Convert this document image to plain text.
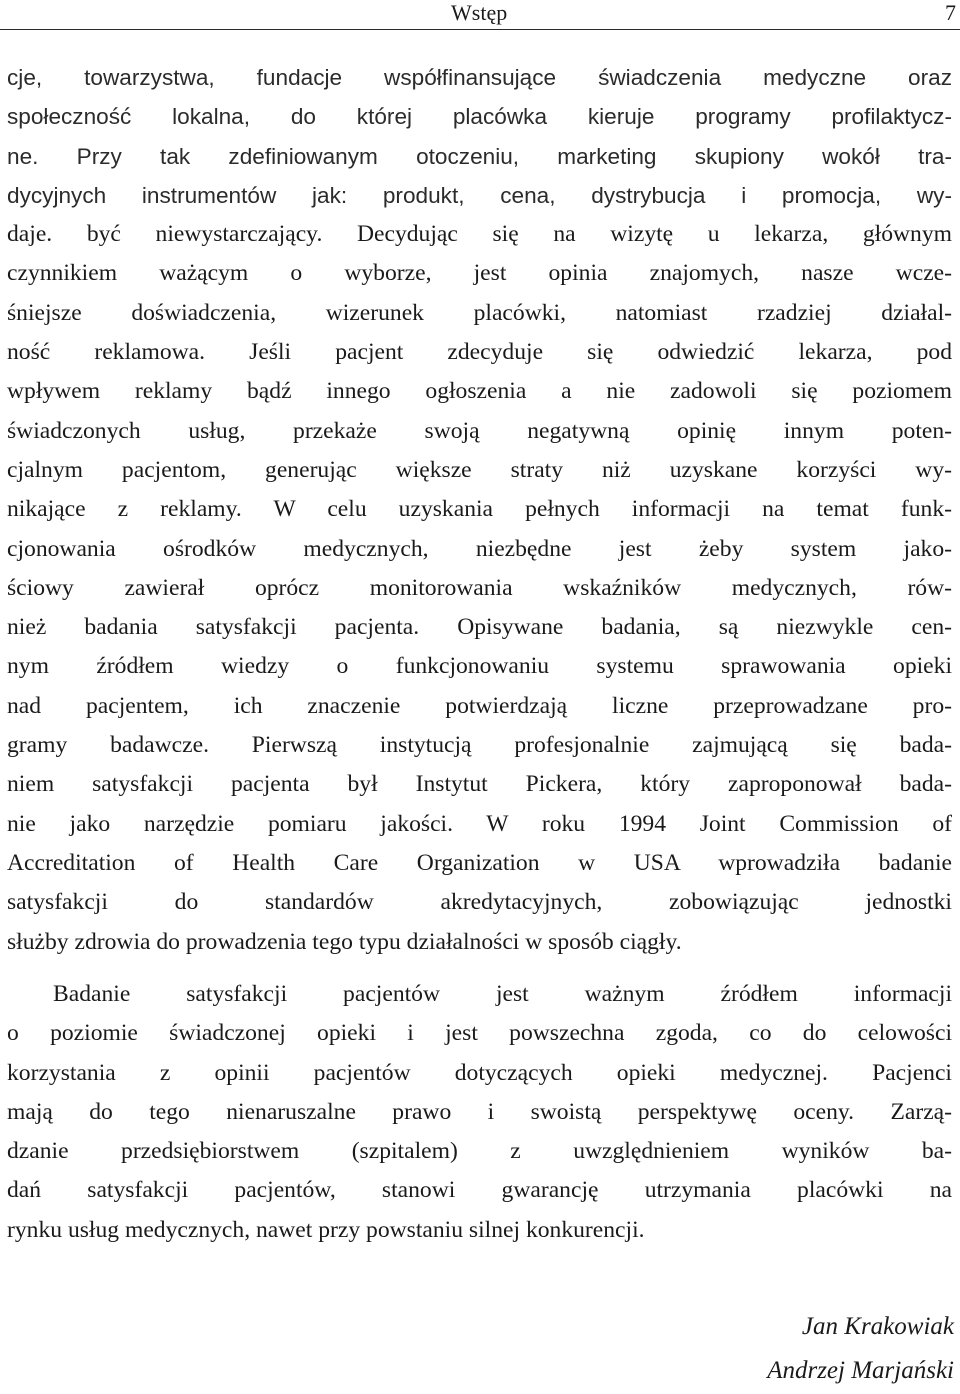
Wstęp	7
cje, towarzystwa, fundacje współfinansujące świadczenia medyczne oraz
społeczność lokalna, do której placówka kieruje programy profilaktycz-
ne. Przy tak zdefiniowanym otoczeniu, marketing skupiony wokół tra-
dycyjnych instrumentów jak: produkt, cena, dystrybucja i promocja, wy-
daje. być niewystarczający. Decydując się na wizytę u lekarza, głównym
czynnikiem ważącym o wyborze, jest opinia znajomych, nasze wcze-
śniejsze doświadczenia, wizerunek placówki, natomiast rzadziej działal-
ność reklamowa. Jeśli pacjent zdecyduje się odwiedzić lekarza, pod
wpływem reklamy bądź innego ogłoszenia a nie zadowoli się poziomem
świadczonych usług, przekaże swoją negatywną opinię innym poten-
cjalnym pacjentom, generując większe straty niż uzyskane korzyści wy-
nikające z reklamy. W celu uzyskania pełnych informacji na temat funk-
cjonowania ośrodków medycznych, niezbędne jest żeby system jako-
ściowy zawierał oprócz monitorowania wskaźników medycznych, rów-
nież badania satysfakcji pacjenta. Opisywane badania, są niezwykle cen-
nym źródłem wiedzy o funkcjonowaniu systemu sprawowania opieki
nad pacjentem, ich znaczenie potwierdzają liczne przeprowadzane pro-
gramy badawcze. Pierwszą instytucją profesjonalnie zajmującą się bada-
niem satysfakcji pacjenta był Instytut Pickera, który zaproponował bada-
nie jako narzędzie pomiaru jakości. W roku 1994 Joint Commission of
Accreditation of Health Care Organization w USA wprowadziła badanie
satysfakcji do standardów akredytacyjnych, zobowiązując jednostki
służby zdrowia do prowadzenia tego typu działalności w sposób ciągły.
Badanie satysfakcji pacjentów jest ważnym źródłem informacji
o poziomie świadczonej opieki i jest powszechna zgoda, co do celowości
korzystania z opinii pacjentów dotyczących opieki medycznej. Pacjenci
mają do tego nienaruszalne prawo i swoistą perspektywę oceny. Zarzą-
dzanie przedsiębiorstwem (szpitalem) z uwzględnieniem wyników ba-
dań satysfakcji pacjentów, stanowi gwarancję utrzymania placówki na
rynku usług medycznych, nawet przy powstaniu silnej konkurencji.
Jan Krakowiak
Andrzej Marjański
